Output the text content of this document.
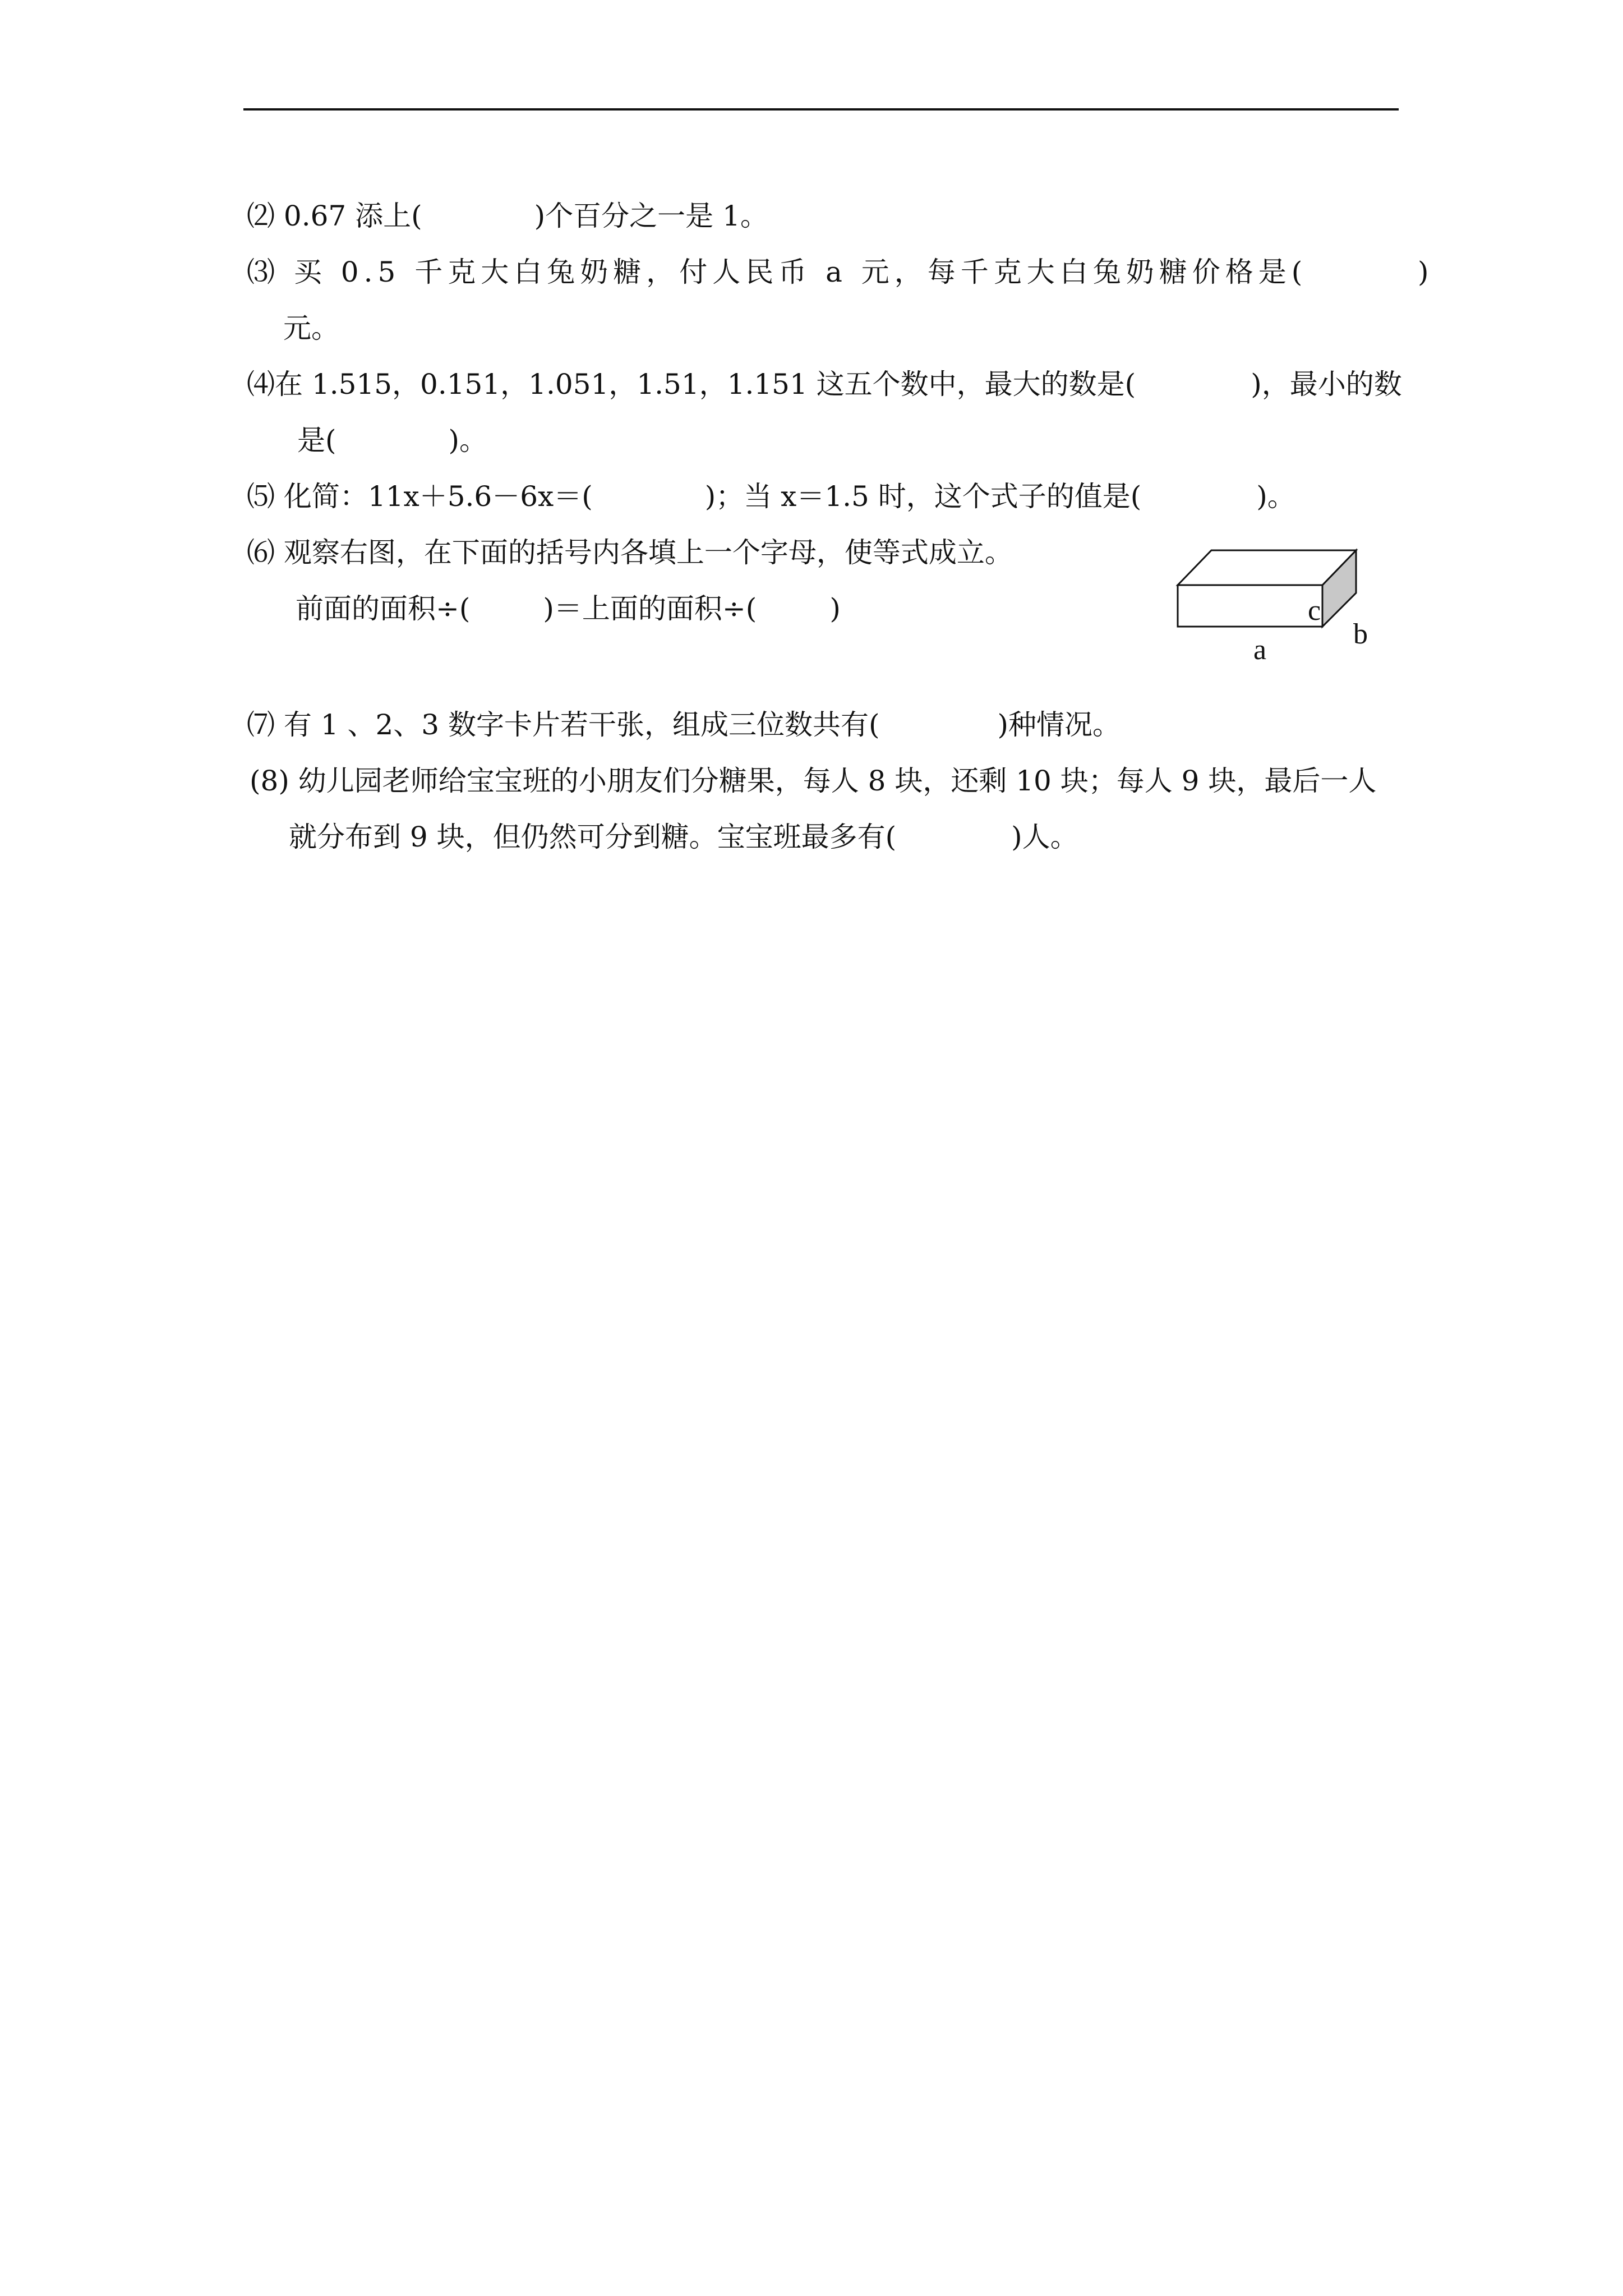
⑵ 0.67 添上(	)个百分之一是 1。
⑶ 买 0.5 千克大白兔奶糖，付人民币 a 元，每千克大白兔奶糖价格是(	)
元。
⑷在 1.515，0.151，1.051，1.51，1.151 这五个数中，最大的数是(	)，最小的数
是(	)。
⑸ 化简：11x＋5.6－6x＝(	)；当 x＝1.5 时，这个式子的值是(	)。
⑹ 观察右图，在下面的括号内各填上一个字母，使等式成立。
前面的面积÷(	)＝上面的面积÷(	)	c
b
a
⑺ 有 1 、2、3 数字卡片若干张，组成三位数共有(	)种情况。
(8) 幼儿园老师给宝宝班的小朋友们分糖果，每人 8 块，还剩 10 块；每人 9 块，最后一人
就分布到 9 块，但仍然可分到糖。宝宝班最多有(	)人。
